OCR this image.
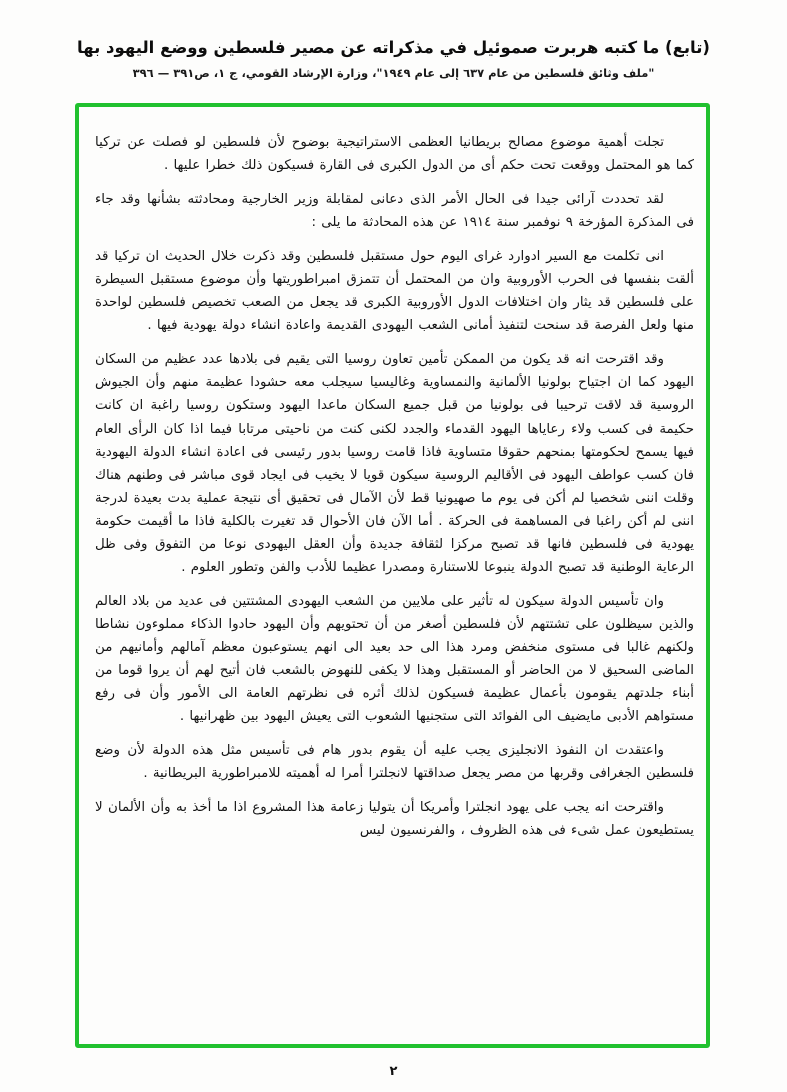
(تابع) ما كتبه هربرت صموئيل في مذكراته عن مصير فلسطين ووضع اليهود بها
"ملف وثائق فلسطين من عام ٦٣٧ إلى عام ١٩٤٩"، وزارة الإرشاد القومي، ج ١، ص٣٩١ — ٣٩٦

تجلت أهمية موضوع مصالح بريطانيا العظمى الاستراتيجية بوضوح لأن فلسطين لو فصلت عن تركيا كما هو المحتمل ووقعت تحت حكم أى من الدول الكبرى فى القارة فسيكون ذلك خطرا عليها .

لقد تحددت آرائى جيدا فى الحال الأمر الذى دعانى لمقابلة وزير الخارجية ومحادثته بشأنها وقد جاء فى المذكرة المؤرخة ٩ نوفمبر سنة ١٩١٤ عن هذه المحادثة ما يلى :

انى تكلمت مع السير ادوارد غراى اليوم حول مستقبل فلسطين وقد ذكرت خلال الحديث ان تركيا قد ألقت بنفسها فى الحرب الأوروبية وان من المحتمل أن تتمزق امبراطوريتها وأن موضوع مستقبل السيطرة على فلسطين قد يثار وان اختلافات الدول الأوروبية الكبرى قد يجعل من الصعب تخصيص فلسطين لواحدة منها ولعل الفرصة قد سنحت لتنفيذ أمانى الشعب اليهودى القديمة واعادة انشاء دولة يهودية فيها .

وقد اقترحت انه قد يكون من الممكن تأمين تعاون روسيا التى يقيم فى بلادها عدد عظيم من السكان اليهود كما ان اجتياح بولونيا الألمانية والنمساوية وغاليسيا سيجلب معه حشودا عظيمة منهم وأن الجيوش الروسية قد لاقت ترحيبا فى بولونيا من قبل جميع السكان ماعدا اليهود وستكون روسيا راغبة ان كانت حكيمة فى كسب ولاء رعاياها اليهود القدماء والجدد لكنى كنت من ناحيتى مرتابا فيما اذا كان الرأى العام فيها يسمح لحكومتها بمنحهم حقوقا متساوية فاذا قامت روسيا بدور رئيسى فى اعادة انشاء الدولة اليهودية فان كسب عواطف اليهود فى الأقاليم الروسية سيكون قويا لا يخيب فى ايجاد قوى مباشر فى وطنهم هناك وقلت اننى شخصيا لم أكن فى يوم ما صهيونيا قط لأن الآمال فى تحقيق أى نتيجة عملية بدت بعيدة لدرجة اننى لم أكن راغبا فى المساهمة فى الحركة . أما الآن فان الأحوال قد تغيرت بالكلية فاذا ما أقيمت حكومة يهودية فى فلسطين فانها قد تصبح مركزا لثقافة جديدة وأن العقل اليهودى نوعا من التفوق وفى ظل الرعاية الوطنية قد تصبح الدولة ينبوعا للاستنارة ومصدرا عظيما للأدب والفن وتطور العلوم .

وان تأسيس الدولة سيكون له تأثير على ملايين من الشعب اليهودى المشتتين فى عديد من بلاد العالم والذين سيظلون على تشتتهم لأن فلسطين أصغر من أن تحتويهم وأن اليهود حادوا الذكاء مملوءون نشاطا ولكنهم غالبا فى مستوى منخفض ومرد هذا الى حد بعيد الى انهم يستوعبون معظم آمالهم وأمانيهم من الماضى السحيق لا من الحاضر أو المستقبل وهذا لا يكفى للنهوض بالشعب فان أتيح لهم أن يروا قوما من أبناء جلدتهم يقومون بأعمال عظيمة فسيكون لذلك أثره فى نظرتهم العامة الى الأمور وأن فى رفع مستواهم الأدبى مايضيف الى الفوائد التى ستجنيها الشعوب التى يعيش اليهود بين ظهرانيها .

واعتقدت ان النفوذ الانجليزى يجب عليه أن يقوم بدور هام فى تأسيس مثل هذه الدولة لأن وضع فلسطين الجغرافى وقربها من مصر يجعل صداقتها لانجلترا أمرا له أهميته للامبراطورية البريطانية .

واقترحت انه يجب على يهود انجلترا وأمريكا أن يتوليا زعامة هذا المشروع اذا ما أخذ به وأن الألمان لا يستطيعون عمل شىء فى هذه الظروف ، والفرنسيون ليس

٢
